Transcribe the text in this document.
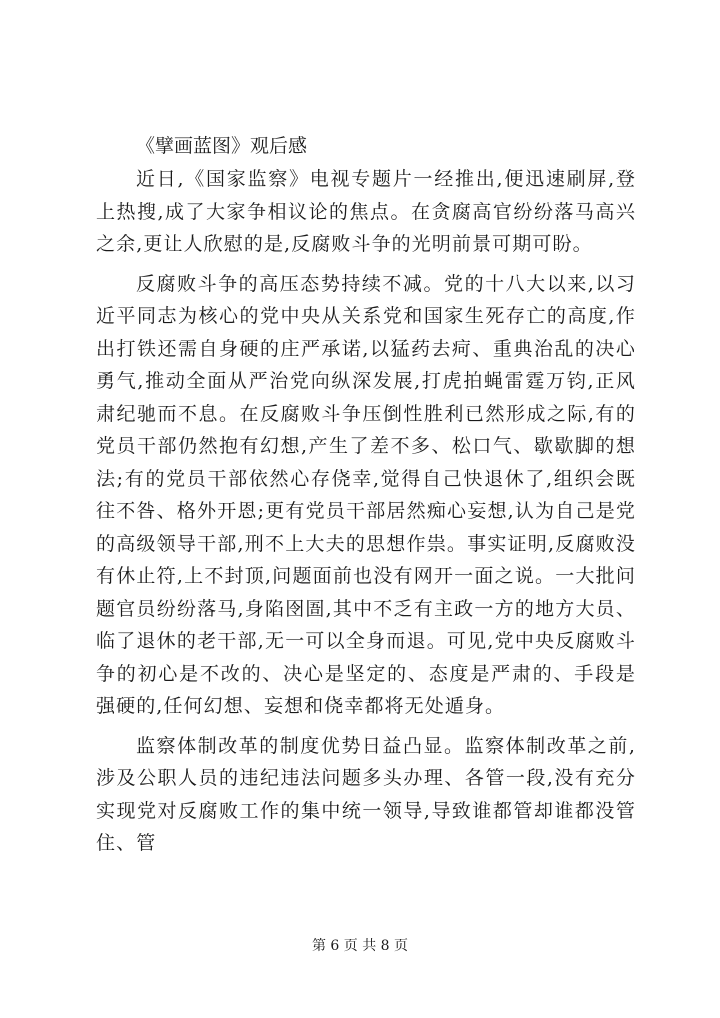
《擘画蓝图》观后感

近日,《国家监察》电视专题片一经推出,便迅速刷屏,登上热搜,成了大家争相议论的焦点。在贪腐高官纷纷落马高兴之余,更让人欣慰的是,反腐败斗争的光明前景可期可盼。

反腐败斗争的高压态势持续不减。党的十八大以来,以习近平同志为核心的党中央从关系党和国家生死存亡的高度,作出打铁还需自身硬的庄严承诺,以猛药去疴、重典治乱的决心勇气,推动全面从严治党向纵深发展,打虎拍蝇雷霆万钧,正风肃纪驰而不息。在反腐败斗争压倒性胜利已然形成之际,有的党员干部仍然抱有幻想,产生了差不多、松口气、歇歇脚的想法;有的党员干部依然心存侥幸,觉得自己快退休了,组织会既往不咎、格外开恩;更有党员干部居然痴心妄想,认为自己是党的高级领导干部,刑不上大夫的思想作祟。事实证明,反腐败没有休止符,上不封顶,问题面前也没有网开一面之说。一大批问题官员纷纷落马,身陷囹圄,其中不乏有主政一方的地方大员、临了退休的老干部,无一可以全身而退。可见,党中央反腐败斗争的初心是不改的、决心是坚定的、态度是严肃的、手段是强硬的,任何幻想、妄想和侥幸都将无处遁身。

监察体制改革的制度优势日益凸显。监察体制改革之前,涉及公职人员的违纪违法问题多头办理、各管一段,没有充分实现党对反腐败工作的集中统一领导,导致谁都管却谁都没管住、管

第 6 页 共 8 页
